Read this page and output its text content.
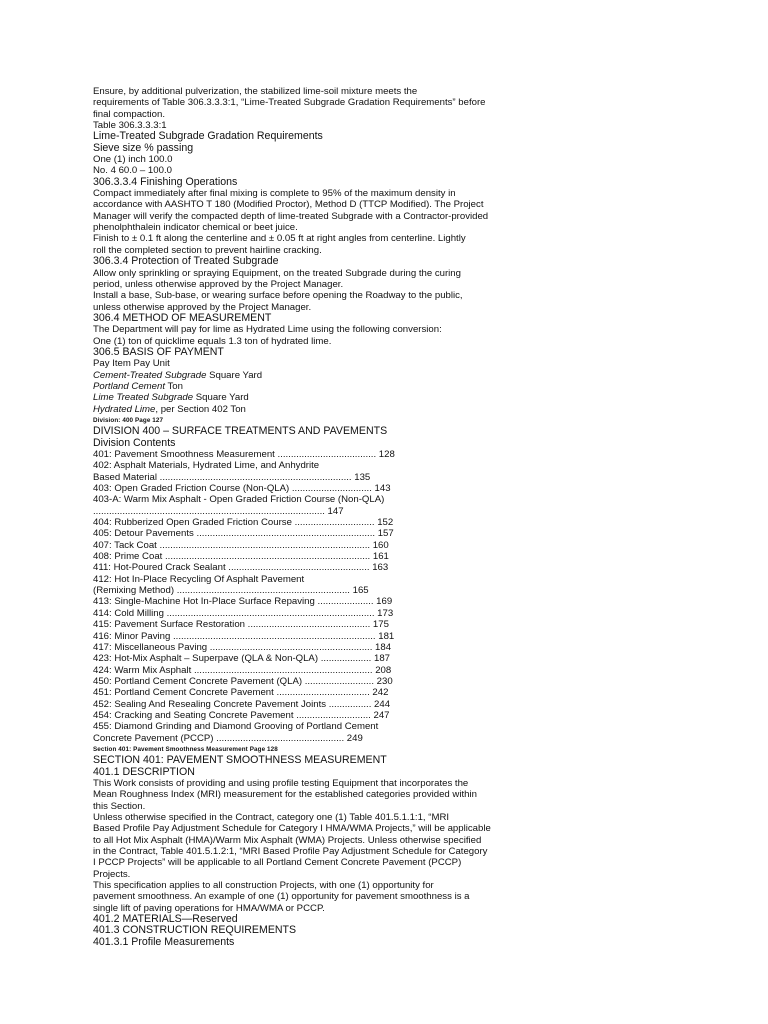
Ensure, by additional pulverization, the stabilized lime-soil mixture meets the
requirements of Table 306.3.3.3:1, “Lime-Treated Subgrade Gradation Requirements” before
final compaction.
Table 306.3.3.3:1
Lime-Treated Subgrade Gradation Requirements
Sieve size % passing
One (1) inch 100.0
No. 4 60.0 – 100.0
306.3.3.4 Finishing Operations
Compact immediately after final mixing is complete to 95% of the maximum density in
accordance with AASHTO T 180 (Modified Proctor), Method D (TTCP Modified). The Project
Manager will verify the compacted depth of lime-treated Subgrade with a Contractor-provided
phenolphthalein indicator chemical or beet juice.
Finish to ± 0.1 ft along the centerline and ± 0.05 ft at right angles from centerline. Lightly
roll the completed section to prevent hairline cracking.
306.3.4 Protection of Treated Subgrade
Allow only sprinkling or spraying Equipment, on the treated Subgrade during the curing
period, unless otherwise approved by the Project Manager.
Install a base, Sub-base, or wearing surface before opening the Roadway to the public,
unless otherwise approved by the Project Manager.
306.4 METHOD OF MEASUREMENT
The Department will pay for lime as Hydrated Lime using the following conversion:
One (1) ton of quicklime equals 1.3 ton of hydrated lime.
306.5 BASIS OF PAYMENT
Pay Item Pay Unit
Cement-Treated Subgrade Square Yard
Portland Cement Ton
Lime Treated Subgrade Square Yard
Hydrated Lime, per Section 402 Ton
Division: 400 Page 127
DIVISION 400 – SURFACE TREATMENTS AND PAVEMENTS
Division Contents
401: Pavement Smoothness Measurement ..................................... 128
402: Asphalt Materials, Hydrated Lime, and Anhydrite
Based Material ........................................................................ 135
403: Open Graded Friction Course (Non-QLA) .............................. 143
403-A: Warm Mix Asphalt - Open Graded Friction Course (Non-QLA)
....................................................................................... 147
404: Rubberized Open Graded Friction Course .............................. 152
405: Detour Pavements ................................................................... 157
407: Tack Coat ............................................................................... 160
408: Prime Coat ............................................................................. 161
411: Hot-Poured Crack Sealant ..................................................... 163
412: Hot In-Place Recycling Of Asphalt Pavement
(Remixing Method) ................................................................. 165
413: Single-Machine Hot In-Place Surface Repaving ..................... 169
414: Cold Milling .............................................................................. 173
415: Pavement Surface Restoration .............................................. 175
416: Minor Paving ............................................................................ 181
417: Miscellaneous Paving ............................................................. 184
423: Hot-Mix Asphalt – Superpave (QLA & Non-QLA) ................... 187
424: Warm Mix Asphalt ................................................................... 208
450: Portland Cement Concrete Pavement (QLA) .......................... 230
451: Portland Cement Concrete Pavement ................................... 242
452: Sealing And Resealing Concrete Pavement Joints ................ 244
454: Cracking and Seating Concrete Pavement ............................ 247
455: Diamond Grinding and Diamond Grooving of Portland Cement
Concrete Pavement (PCCP) ................................................ 249
Section 401: Pavement Smoothness Measurement Page 128
SECTION 401: PAVEMENT SMOOTHNESS MEASUREMENT
401.1 DESCRIPTION
This Work consists of providing and using profile testing Equipment that incorporates the
Mean Roughness Index (MRI) measurement for the established categories provided within
this Section.
Unless otherwise specified in the Contract, category one (1) Table 401.5.1.1:1, “MRI
Based Profile Pay Adjustment Schedule for Category I HMA/WMA Projects,” will be applicable
to all Hot Mix Asphalt (HMA)/Warm Mix Asphalt (WMA) Projects. Unless otherwise specified
in the Contract, Table 401.5.1.2:1, “MRI Based Profile Pay Adjustment Schedule for Category
I PCCP Projects” will be applicable to all Portland Cement Concrete Pavement (PCCP)
Projects.
This specification applies to all construction Projects, with one (1) opportunity for
pavement smoothness. An example of one (1) opportunity for pavement smoothness is a
single lift of paving operations for HMA/WMA or PCCP.
401.2 MATERIALS—Reserved
401.3 CONSTRUCTION REQUIREMENTS
401.3.1 Profile Measurements
